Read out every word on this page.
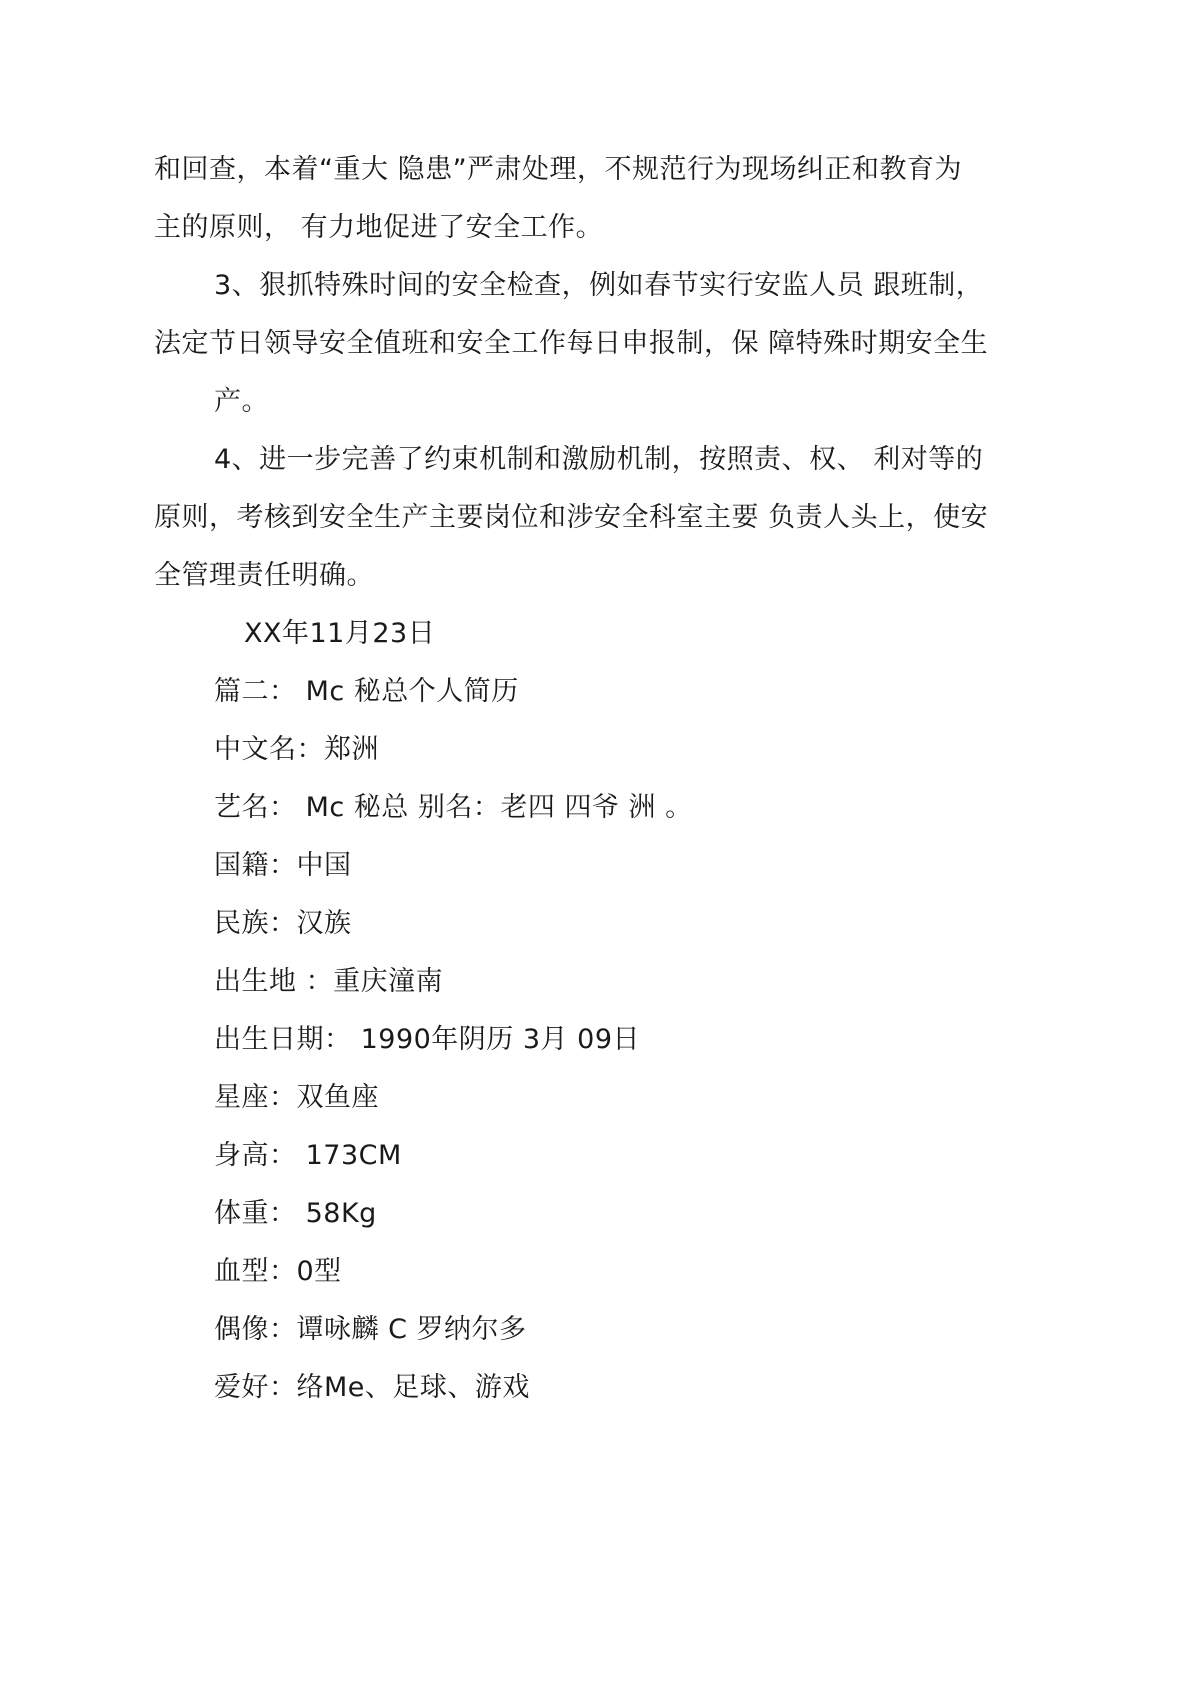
和回查，本着“重大 隐患”严肃处理，不规范行为现场纠正和教育为
主的原则， 有力地促进了安全工作。
3、狠抓特殊时间的安全检查，例如春节实行安监人员 跟班制，
法定节日领导安全值班和安全工作每日申报制，保 障特殊时期安全生
产。
4、进一步完善了约束机制和激励机制，按照责、权、 利对等的
原则，考核到安全生产主要岗位和涉安全科室主要 负责人头上，使安
全管理责任明确。
XX年11月23日
篇二： Mc 秘总个人简历
中文名：郑洲
艺名： Mc 秘总 别名：老四 四爷 洲 。
国籍：中国
民族：汉族
出生地 ：重庆潼南
出生日期： 1990年阴历 3月 09日
星座：双鱼座
身高： 173CM
体重： 58Kg
血型：0型
偶像：谭咏麟 C 罗纳尔多
爱好：络Me、足球、游戏
